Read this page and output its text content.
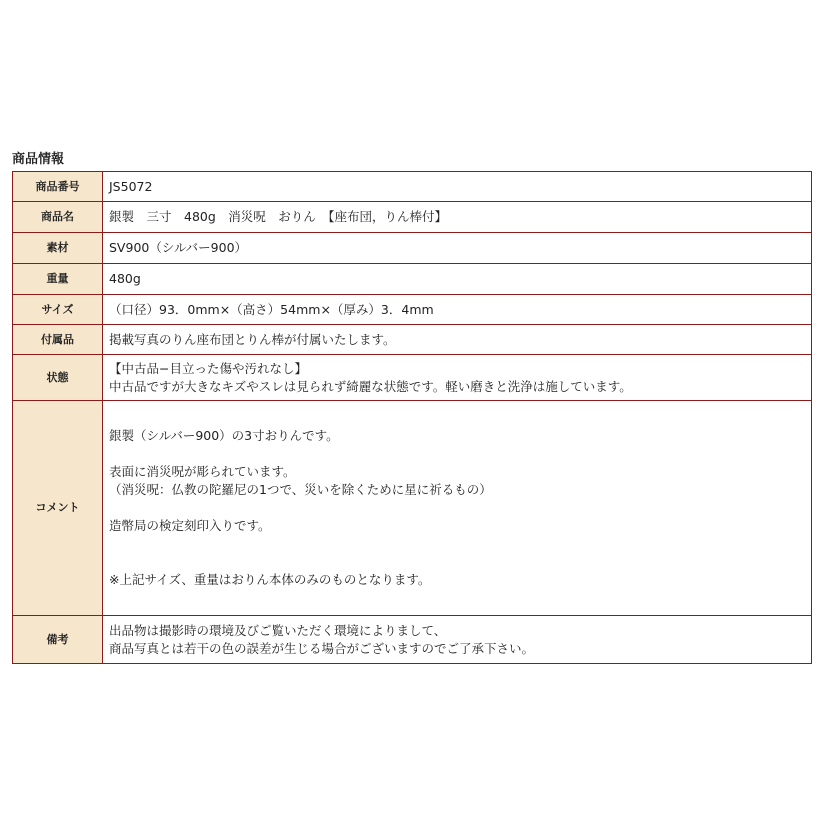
商品情報
商品番号	JS5072
商品名	銀製　三寸　480g　消災呪　おりん　【座布団，りん棒付】
素材	SV900（シルバー900）
重量	480g
サイズ	（口径）93．0mm×（高さ）54mm×（厚み）3．4mm
付属品	掲載写真のりん座布団とりん棒が付属いたします。
状態	【中古品−目立った傷や汚れなし】
中古品ですが大きなキズやスレは見られず綺麗な状態です。軽い磨きと洗浄は施しています。

コメント	銀製（シルバー900）の3寸おりんです。
表面に消災呪が彫られています。
（消災呪：仏教の陀羅尼の1つで、災いを除くために星に祈るもの）
造幣局の検定刻印入りです。
※上記サイズ、重量はおりん本体のみのものとなります。

備考	出品物は撮影時の環境及びご覧いただく環境によりまして、
商品写真とは若干の色の誤差が生じる場合がございますのでご了承下さい。
